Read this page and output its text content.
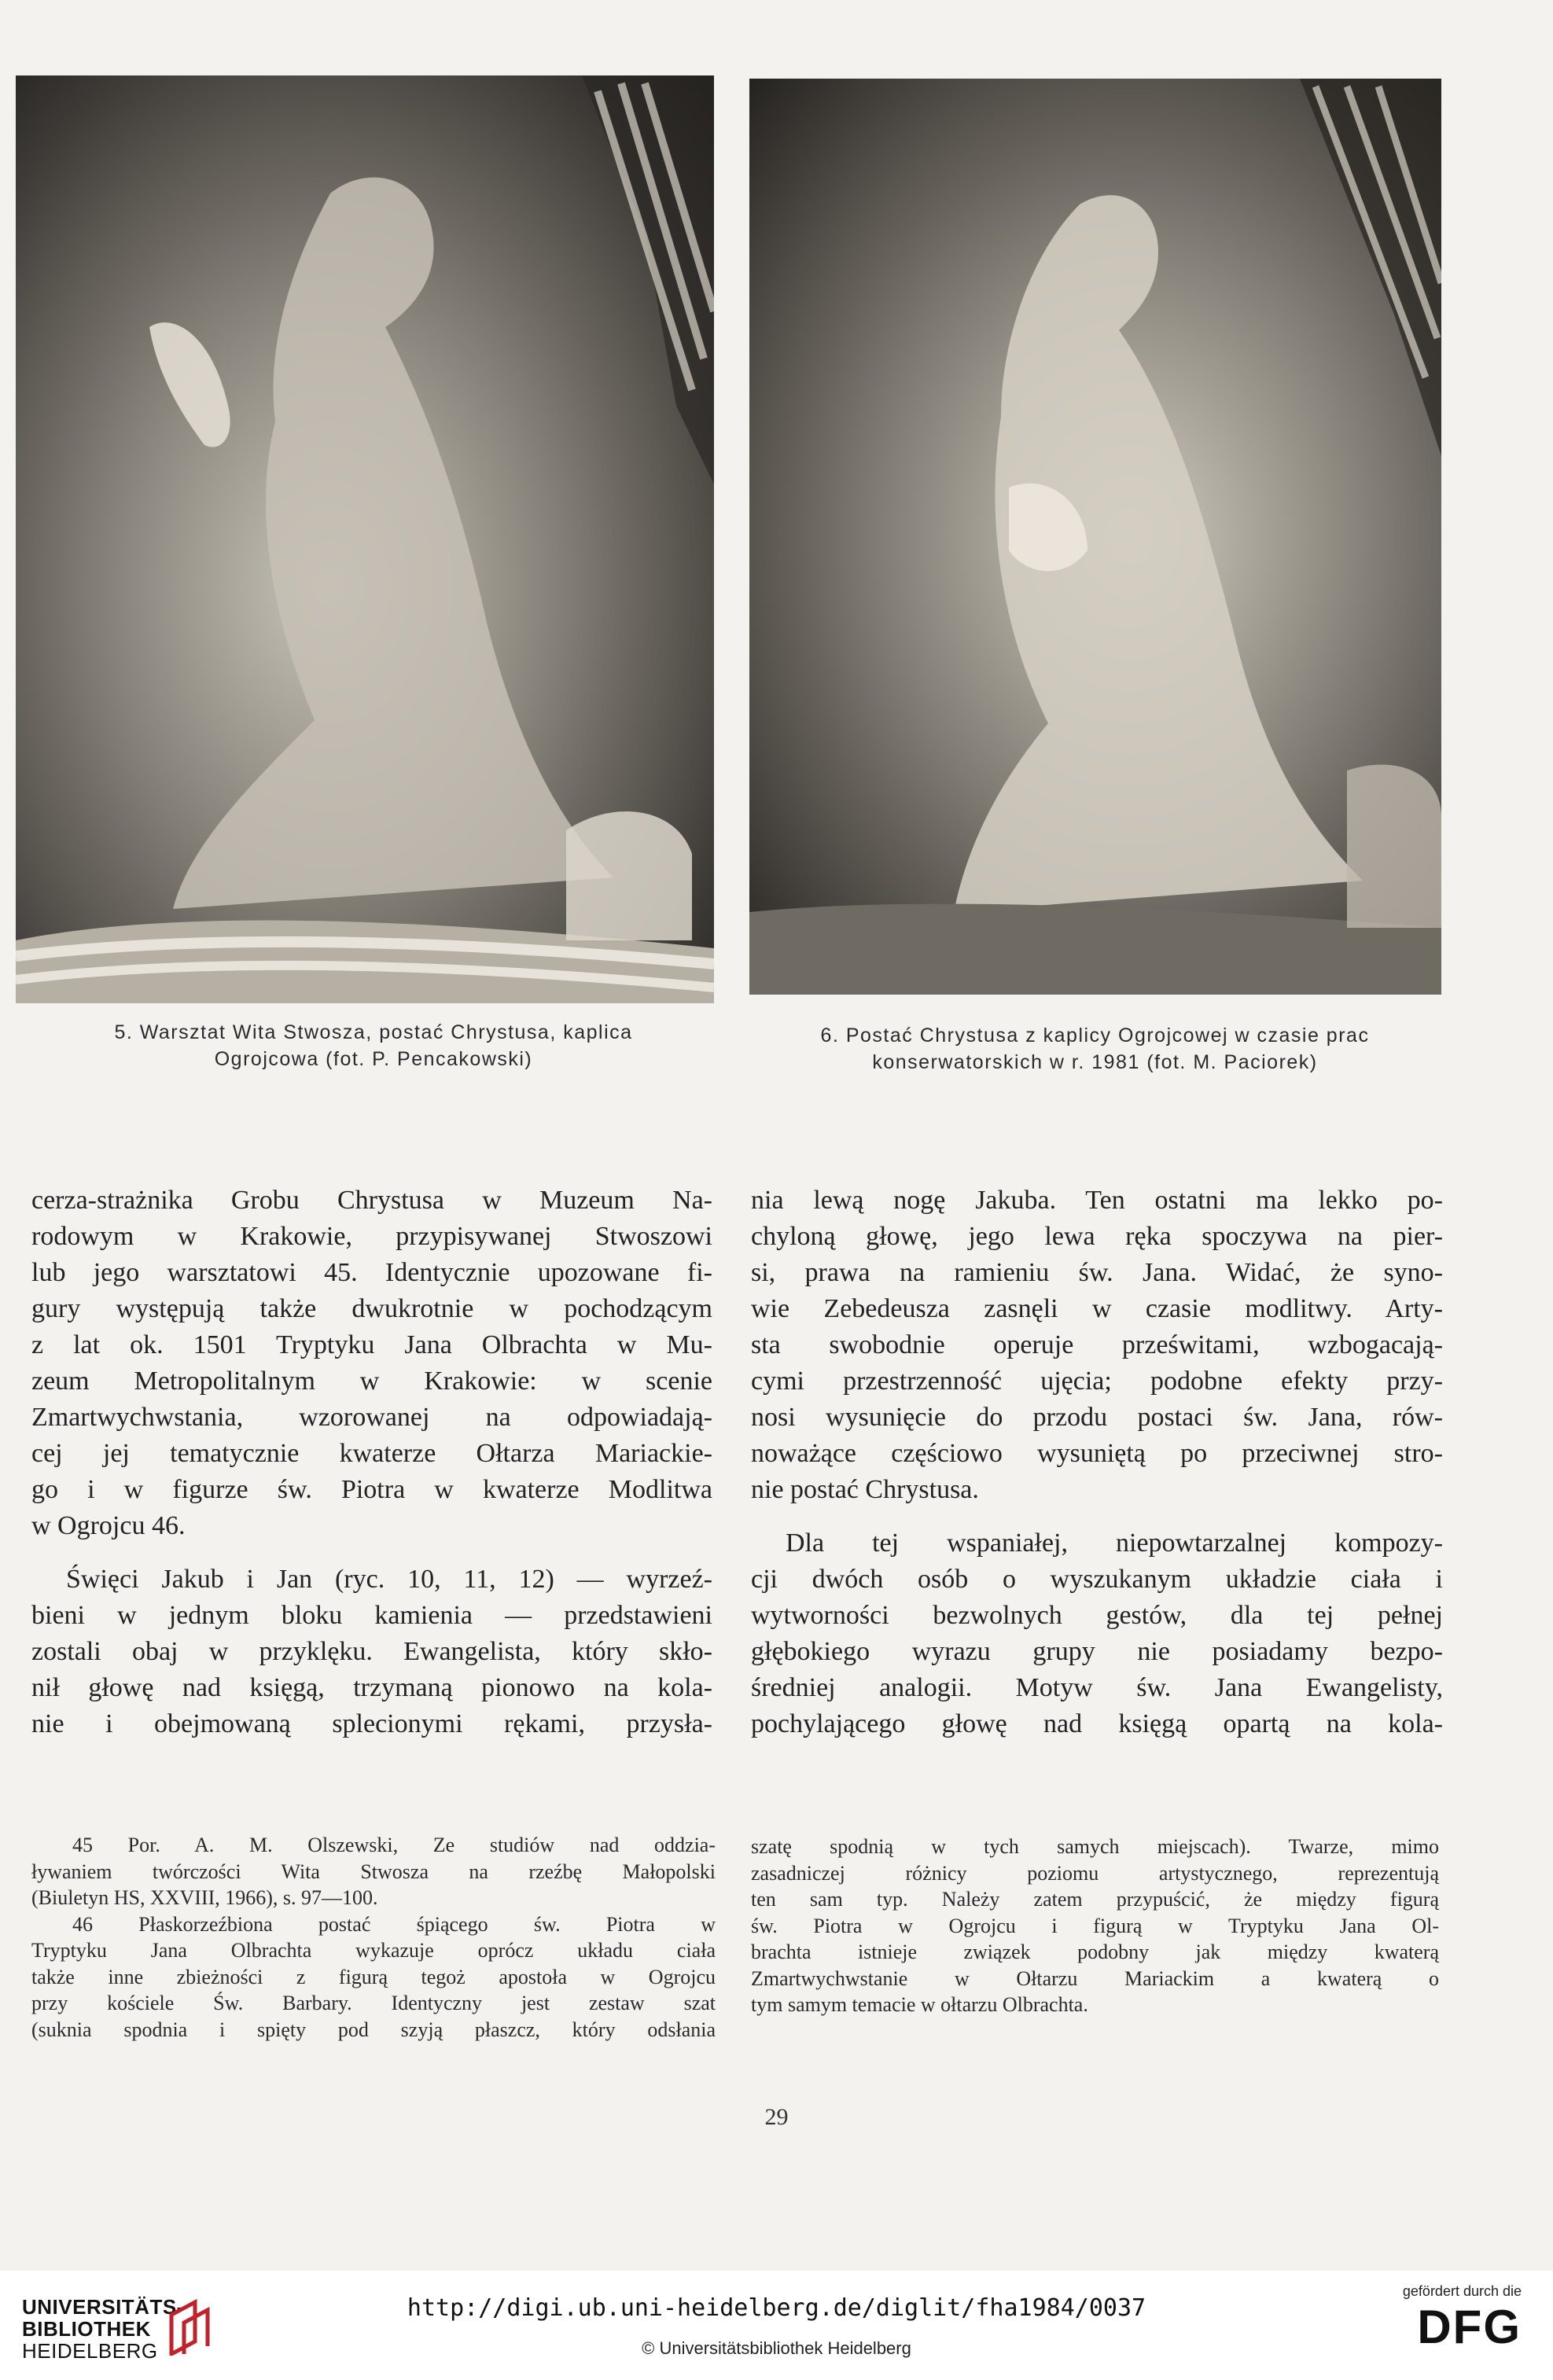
5. Warsztat Wita Stwosza, postać Chrystusa, kaplica
Ogrojcowa (fot. P. Pencakowski)
6. Postać Chrystusa z kaplicy Ogrojcowej w czasie prac
konserwatorskich w r. 1981 (fot. M. Paciorek)
cerza-strażnika Grobu Chrystusa w Muzeum Na-
rodowym w Krakowie, przypisywanej Stwoszowi
lub jego warsztatowi 45. Identycznie upozowane fi-
gury występują także dwukrotnie w pochodzącym
z lat ok. 1501 Tryptyku Jana Olbrachta w Mu-
zeum Metropolitalnym w Krakowie: w scenie
Zmartwychwstania, wzorowanej na odpowiadają-
cej jej tematycznie kwaterze Ołtarza Mariackie-
go i w figurze św. Piotra w kwaterze Modlitwa
w Ogrojcu 46.
Święci Jakub i Jan (ryc. 10, 11, 12) — wyrzeź-
bieni w jednym bloku kamienia — przedstawieni
zostali obaj w przyklęku. Ewangelista, który skło-
nił głowę nad księgą, trzymaną pionowo na kola-
nie i obejmowaną splecionymi rękami, przysła-
nia lewą nogę Jakuba. Ten ostatni ma lekko po-
chyloną głowę, jego lewa ręka spoczywa na pier-
si, prawa na ramieniu św. Jana. Widać, że syno-
wie Zebedeusza zasnęli w czasie modlitwy. Arty-
sta swobodnie operuje prześwitami, wzbogacają-
cymi przestrzenność ujęcia; podobne efekty przy-
nosi wysunięcie do przodu postaci św. Jana, rów-
noważące częściowo wysuniętą po przeciwnej stro-
nie postać Chrystusa.
Dla tej wspaniałej, niepowtarzalnej kompozy-
cji dwóch osób o wyszukanym układzie ciała i
wytworności bezwolnych gestów, dla tej pełnej
głębokiego wyrazu grupy nie posiadamy bezpo-
średniej analogii. Motyw św. Jana Ewangelisty,
pochylającego głowę nad księgą opartą na kola-
45 Por. A. M. Olszewski, Ze studiów nad oddzia-
ływaniem twórczości Wita Stwosza na rzeźbę Małopolski
(Biuletyn HS, XXVIII, 1966), s. 97—100.
46 Płaskorzeźbiona postać śpiącego św. Piotra w
Tryptyku Jana Olbrachta wykazuje oprócz układu ciała
także inne zbieżności z figurą tegoż apostoła w Ogrojcu
przy kościele Św. Barbary. Identyczny jest zestaw szat
(suknia spodnia i spięty pod szyją płaszcz, który odsłania
szatę spodnią w tych samych miejscach). Twarze, mimo
zasadniczej różnicy poziomu artystycznego, reprezentują
ten sam typ. Należy zatem przypuścić, że między figurą
św. Piotra w Ogrojcu i figurą w Tryptyku Jana Ol-
brachta istnieje związek podobny jak między kwaterą
Zmartwychwstanie w Ołtarzu Mariackim a kwaterą o
tym samym temacie w ołtarzu Olbrachta.
29
UNIVERSITÄTS-
BIBLIOTHEK
HEIDELBERG
http://digi.ub.uni-heidelberg.de/diglit/fha1984/0037
© Universitätsbibliothek Heidelberg
gefördert durch die
DFG
